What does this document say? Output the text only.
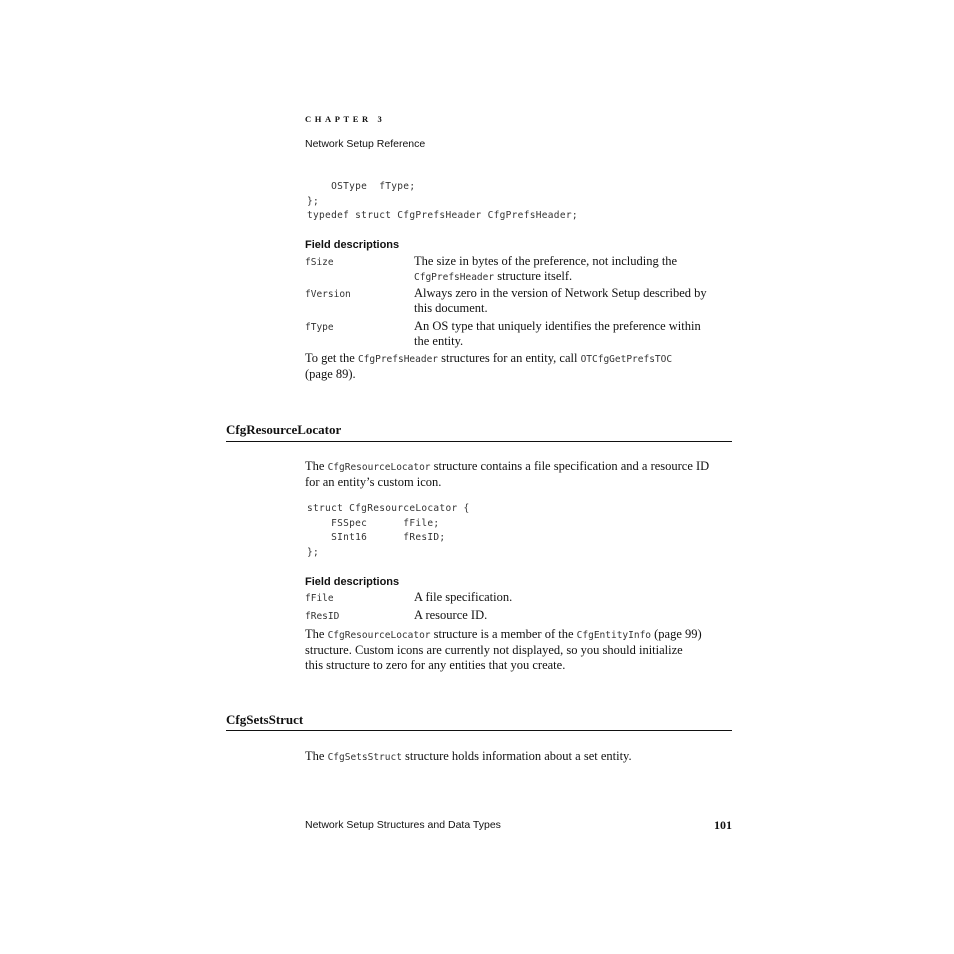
CHAPTER 3
Network Setup Reference
OSType  fType;
};
typedef struct CfgPrefsHeader CfgPrefsHeader;
Field descriptions
fSize	The size in bytes of the preference, not including the
CfgPrefsHeader structure itself.
fVersion	Always zero in the version of Network Setup described by
this document.
fType	An OS type that uniquely identifies the preference within
the entity.
To get the CfgPrefsHeader structures for an entity, call OTCfgGetPrefsTOC
(page 89).
CfgResourceLocator
The CfgResourceLocator structure contains a file specification and a resource ID
for an entity’s custom icon.
struct CfgResourceLocator {
FSSpec      fFile;
SInt16      fResID;
};
Field descriptions
fFile	A file specification.
fResID	A resource ID.
The CfgResourceLocator structure is a member of the CfgEntityInfo (page 99)
structure. Custom icons are currently not displayed, so you should initialize
this structure to zero for any entities that you create.
CfgSetsStruct
The CfgSetsStruct structure holds information about a set entity.
Network Setup Structures and Data Types	101
